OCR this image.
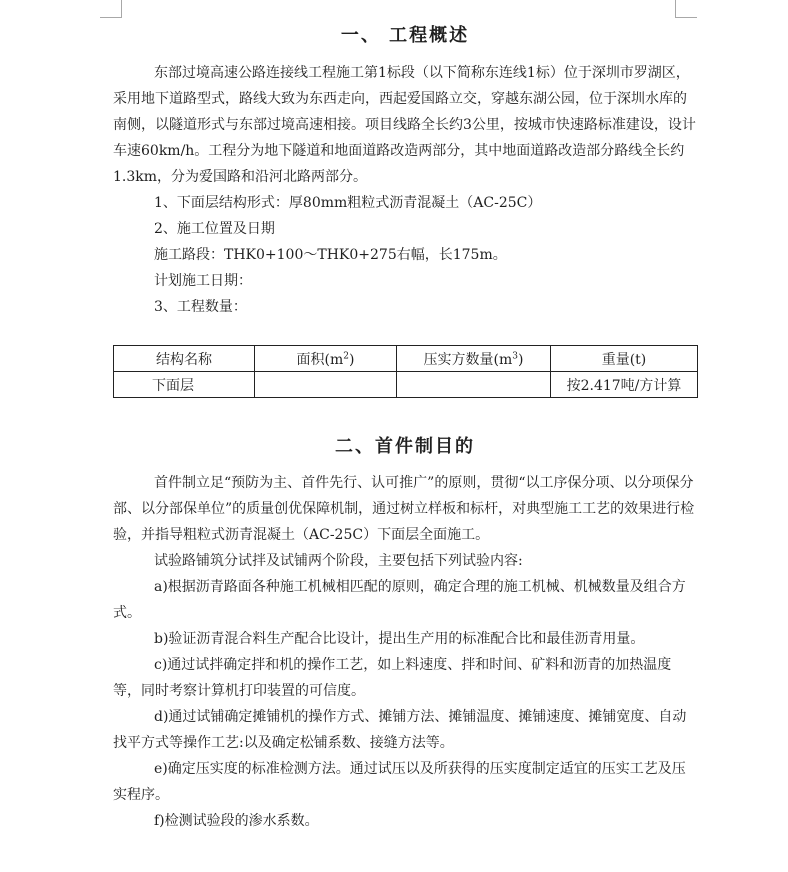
一、 工程概述

东部过境高速公路连接线工程施工第1标段（以下简称东连线1标）位于深圳市罗湖区，采用地下道路型式，路线大致为东西走向，西起爱国路立交，穿越东湖公园，位于深圳水库的南侧，以隧道形式与东部过境高速相接。项目线路全长约3公里，按城市快速路标准建设，设计车速60km/h。工程分为地下隧道和地面道路改造两部分，其中地面道路改造部分路线全长约1.3km，分为爱国路和沿河北路两部分。

1、下面层结构形式：厚80mm粗粒式沥青混凝土（AC-25C）

2、施工位置及日期

施工路段：THK0+100～THK0+275右幅，长175m。

计划施工日期：

3、工程数量：

结构名称	面积$(m^2)$	压实方数量$(m^3)$	重量(t)
下面层			按2.417吨/方计算
二、首件制目的

首件制立足“预防为主、首件先行、认可推广”的原则，贯彻“以工序保分项、以分项保分部、以分部保单位”的质量创优保障机制，通过树立样板和标杆，对典型施工工艺的效果进行检验，并指导粗粒式沥青混凝土（AC-25C）下面层全面施工。

试验路铺筑分试拌及试铺两个阶段，主要包括下列试验内容:

a)根据沥青路面各种施工机械相匹配的原则，确定合理的施工机械、机械数量及组合方式。

b)验证沥青混合料生产配合比设计，提出生产用的标准配合比和最佳沥青用量。

c)通过试拌确定拌和机的操作工艺，如上料速度、拌和时间、矿料和沥青的加热温度等，同时考察计算机打印装置的可信度。

d)通过试铺确定摊铺机的操作方式、摊铺方法、摊铺温度、摊铺速度、摊铺宽度、自动找平方式等操作工艺:以及确定松铺系数、接缝方法等。

e)确定压实度的标准检测方法。通过试压以及所获得的压实度制定适宜的压实工艺及压实程序。

f)检测试验段的渗水系数。
